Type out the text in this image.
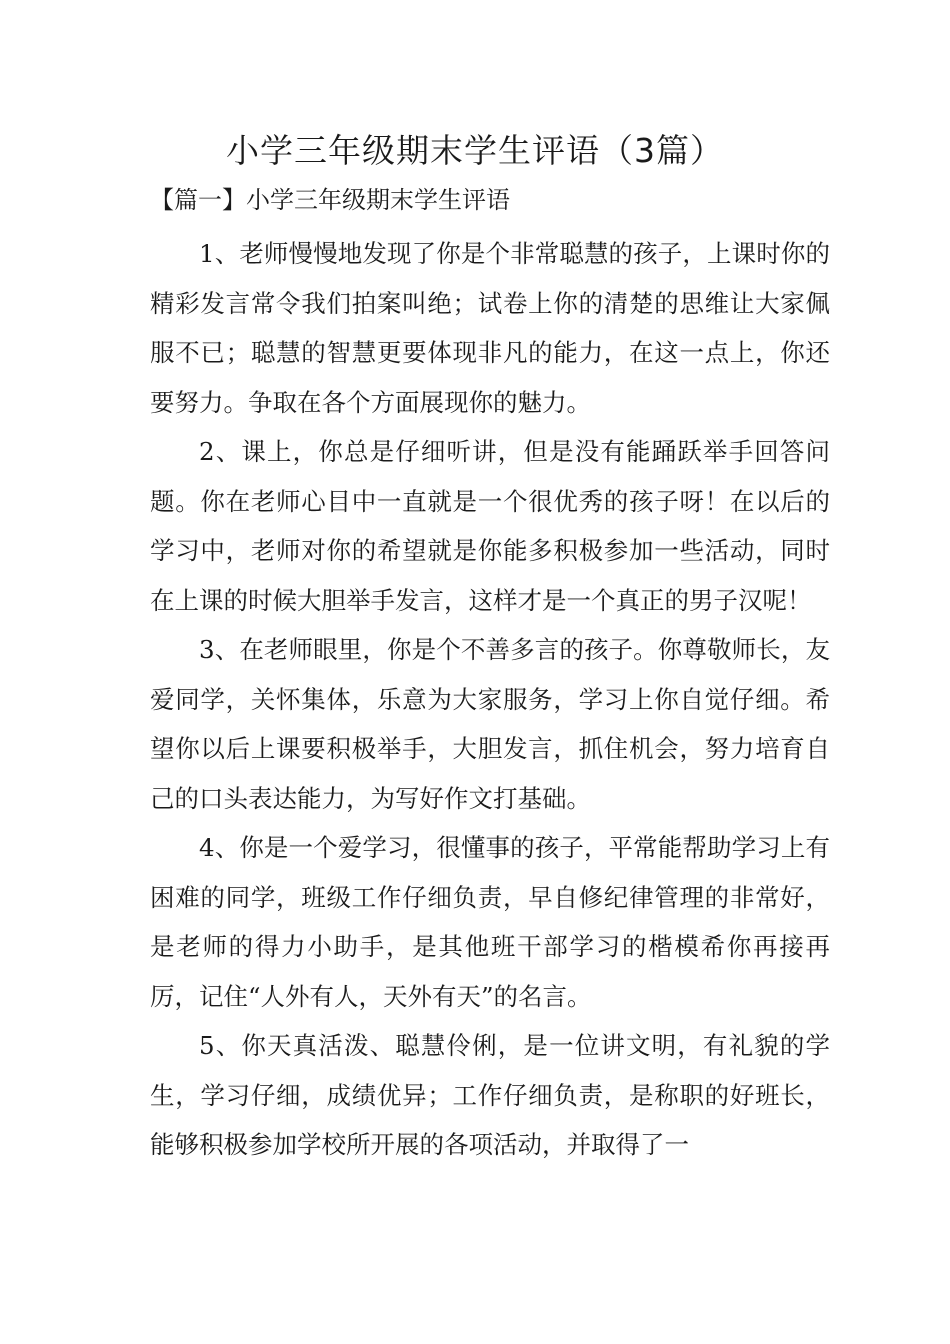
小学三年级期末学生评语（3篇）
【篇一】小学三年级期末学生评语

1、老师慢慢地发现了你是个非常聪慧的孩子，上课时你的精彩发言常令我们拍案叫绝；试卷上你的清楚的思维让大家佩服不已；聪慧的智慧更要体现非凡的能力，在这一点上，你还要努力。争取在各个方面展现你的魅力。

2、课上，你总是仔细听讲，但是没有能踊跃举手回答问题。你在老师心目中一直就是一个很优秀的孩子呀！在以后的学习中，老师对你的希望就是你能多积极参加一些活动，同时在上课的时候大胆举手发言，这样才是一个真正的男子汉呢！

3、在老师眼里，你是个不善多言的孩子。你尊敬师长，友爱同学，关怀集体，乐意为大家服务，学习上你自觉仔细。希望你以后上课要积极举手，大胆发言，抓住机会，努力培育自己的口头表达能力，为写好作文打基础。

4、你是一个爱学习，很懂事的孩子，平常能帮助学习上有困难的同学，班级工作仔细负责，早自修纪律管理的非常好，是老师的得力小助手，是其他班干部学习的楷模希你再接再厉，记住“人外有人，天外有天”的名言。

5、你天真活泼、聪慧伶俐，是一位讲文明，有礼貌的学生，学习仔细，成绩优异；工作仔细负责，是称职的好班长，能够积极参加学校所开展的各项活动，并取得了一
